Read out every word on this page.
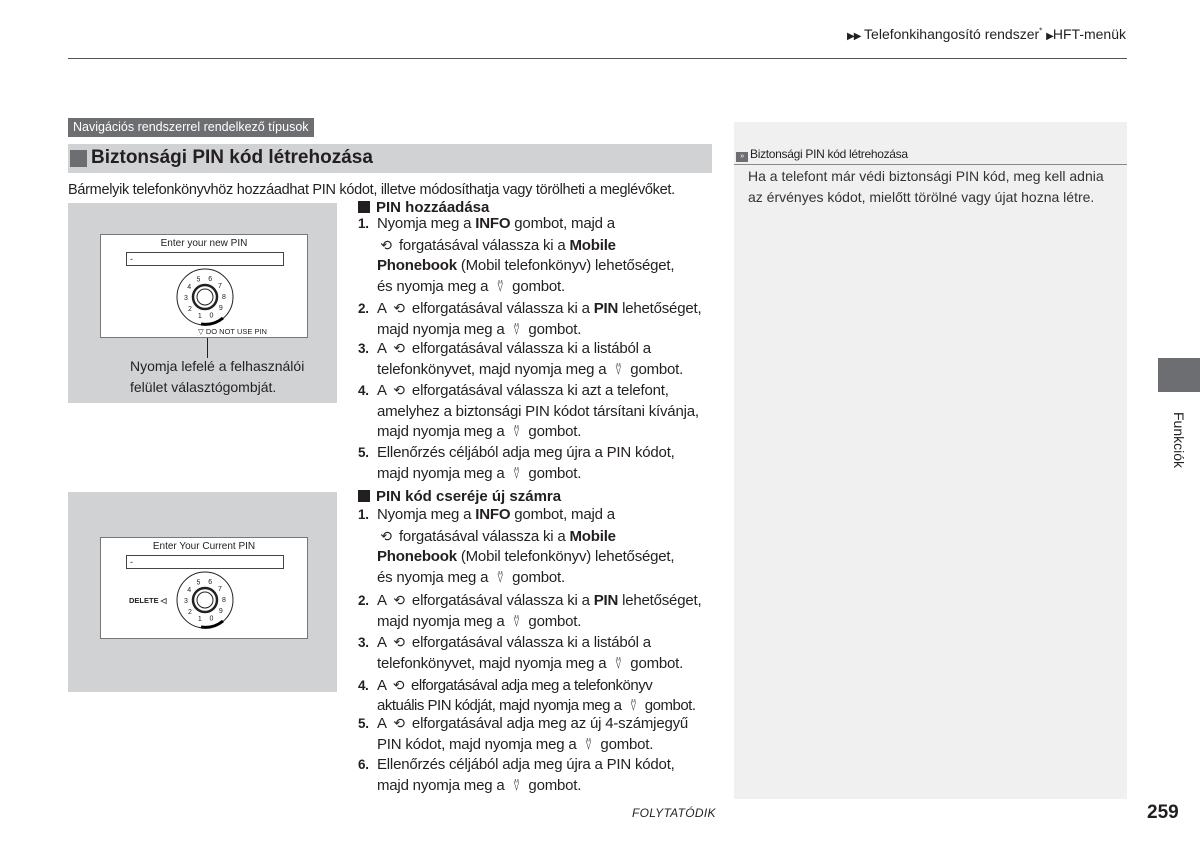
▶▶ Telefonkihangosító rendszer* ▶HFT-menük
Navigációs rendszerrel rendelkező típusok
Biztonsági PIN kód létrehozása
Bármelyik telefonkönyvhöz hozzáadhat PIN kódot, illetve módosíthatja vagy törölheti a meglévőket.
Enter your new PIN
-
5 6
7
8
9
0
1
2
3
4
▽ DO NOT USE PIN
Nyomja lefelé a felhasználói
felület választógombját.
Enter Your Current PIN
-
5 6
7
8
9
0
1
2
3
4
DELETE ◁
PIN hozzáadása
1. Nyomja meg a INFO gombot, majd a
⟲ forgatásával válassza ki a Mobile
Phonebook (Mobil telefonkönyv) lehetőséget,
és nyomja meg a ⍢ gombot.
2. A ⟲ elforgatásával válassza ki a PIN lehetőséget,
majd nyomja meg a ⍢ gombot.
3. A ⟲ elforgatásával válassza ki a listából a
telefonkönyvet, majd nyomja meg a ⍢ gombot.
4. A ⟲ elforgatásával válassza ki azt a telefont,
amelyhez a biztonsági PIN kódot társítani kívánja,
majd nyomja meg a ⍢ gombot.
5. Ellenőrzés céljából adja meg újra a PIN kódot,
majd nyomja meg a ⍢ gombot.
PIN kód cseréje új számra
1. Nyomja meg a INFO gombot, majd a
⟲ forgatásával válassza ki a Mobile
Phonebook (Mobil telefonkönyv) lehetőséget,
és nyomja meg a ⍢ gombot.
2. A ⟲ elforgatásával válassza ki a PIN lehetőséget,
majd nyomja meg a ⍢ gombot.
3. A ⟲ elforgatásával válassza ki a listából a
telefonkönyvet, majd nyomja meg a ⍢ gombot.
4. A ⟲ elforgatásával adja meg a telefonkönyv
aktuális PIN kódját, majd nyomja meg a ⍢ gombot.
5. A ⟲ elforgatásával adja meg az új 4-számjegyű
PIN kódot, majd nyomja meg a ⍢ gombot.
6. Ellenőrzés céljából adja meg újra a PIN kódot,
majd nyomja meg a ⍢ gombot.
» Biztonsági PIN kód létrehozása
Ha a telefont már védi biztonsági PIN kód, meg kell adnia
az érvényes kódot, mielőtt törölné vagy újat hozna létre.
Funkciók
FOLYTATÓDIK	259
